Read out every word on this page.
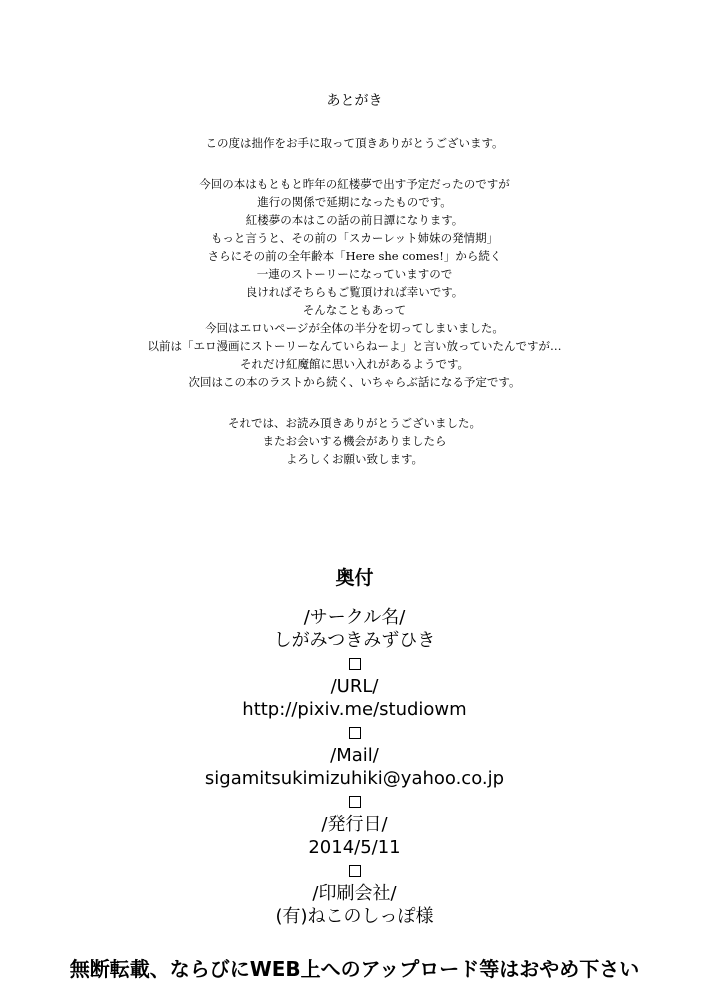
あとがき
この度は拙作をお手に取って頂きありがとうございます。
今回の本はもともと昨年の紅楼夢で出す予定だったのですが
進行の関係で延期になったものです。
紅楼夢の本はこの話の前日譚になります。
もっと言うと、その前の「スカーレット姉妹の発情期」
さらにその前の全年齢本「Here she comes!」から続く
一連のストーリーになっていますので
良ければそちらもご覧頂ければ幸いです。
そんなこともあって
今回はエロいページが全体の半分を切ってしまいました。
以前は「エロ漫画にストーリーなんていらねーよ」と言い放っていたんですが…
それだけ紅魔館に思い入れがあるようです。
次回はこの本のラストから続く、いちゃらぶ話になる予定です。
それでは、お読み頂きありがとうございました。
またお会いする機会がありましたら
よろしくお願い致します。
奥付
/サークル名/
しがみつきみずひき
/URL/
http://pixiv.me/studiowm
/Mail/
sigamitsukimizuhiki@yahoo.co.jp
/発行日/
2014/5/11
/印刷会社/
(有)ねこのしっぽ様
無断転載、ならびにWEB上へのアップロード等はおやめ下さい
